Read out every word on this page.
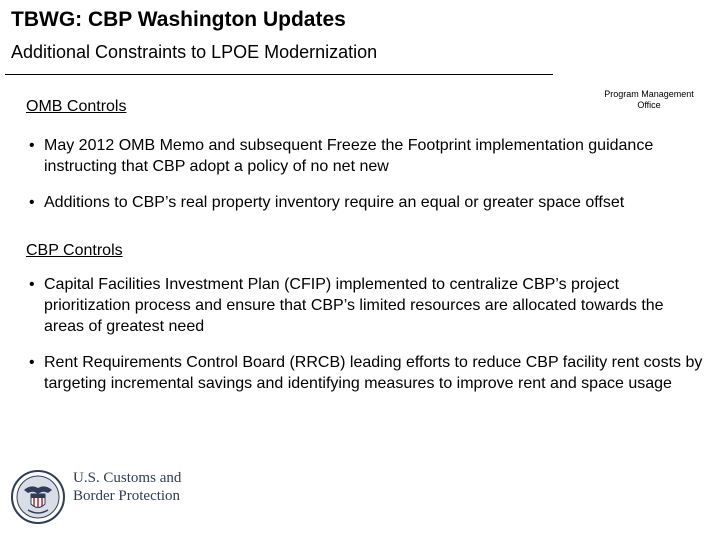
TBWG: CBP Washington Updates
Additional Constraints to LPOE Modernization
Program Management
Office
OMB Controls
• May 2012 OMB Memo and subsequent Freeze the Footprint implementation guidance instructing that CBP adopt a policy of no net new
• Additions to CBP’s real property inventory require an equal or greater space offset
CBP Controls
• Capital Facilities Investment Plan (CFIP) implemented to centralize CBP’s project prioritization process and ensure that CBP’s limited resources are allocated towards the areas of greatest need
• Rent Requirements Control Board (RRCB) leading efforts to reduce CBP facility rent costs by targeting incremental savings and identifying measures to improve rent and space usage
U.S. Customs and
Border Protection
